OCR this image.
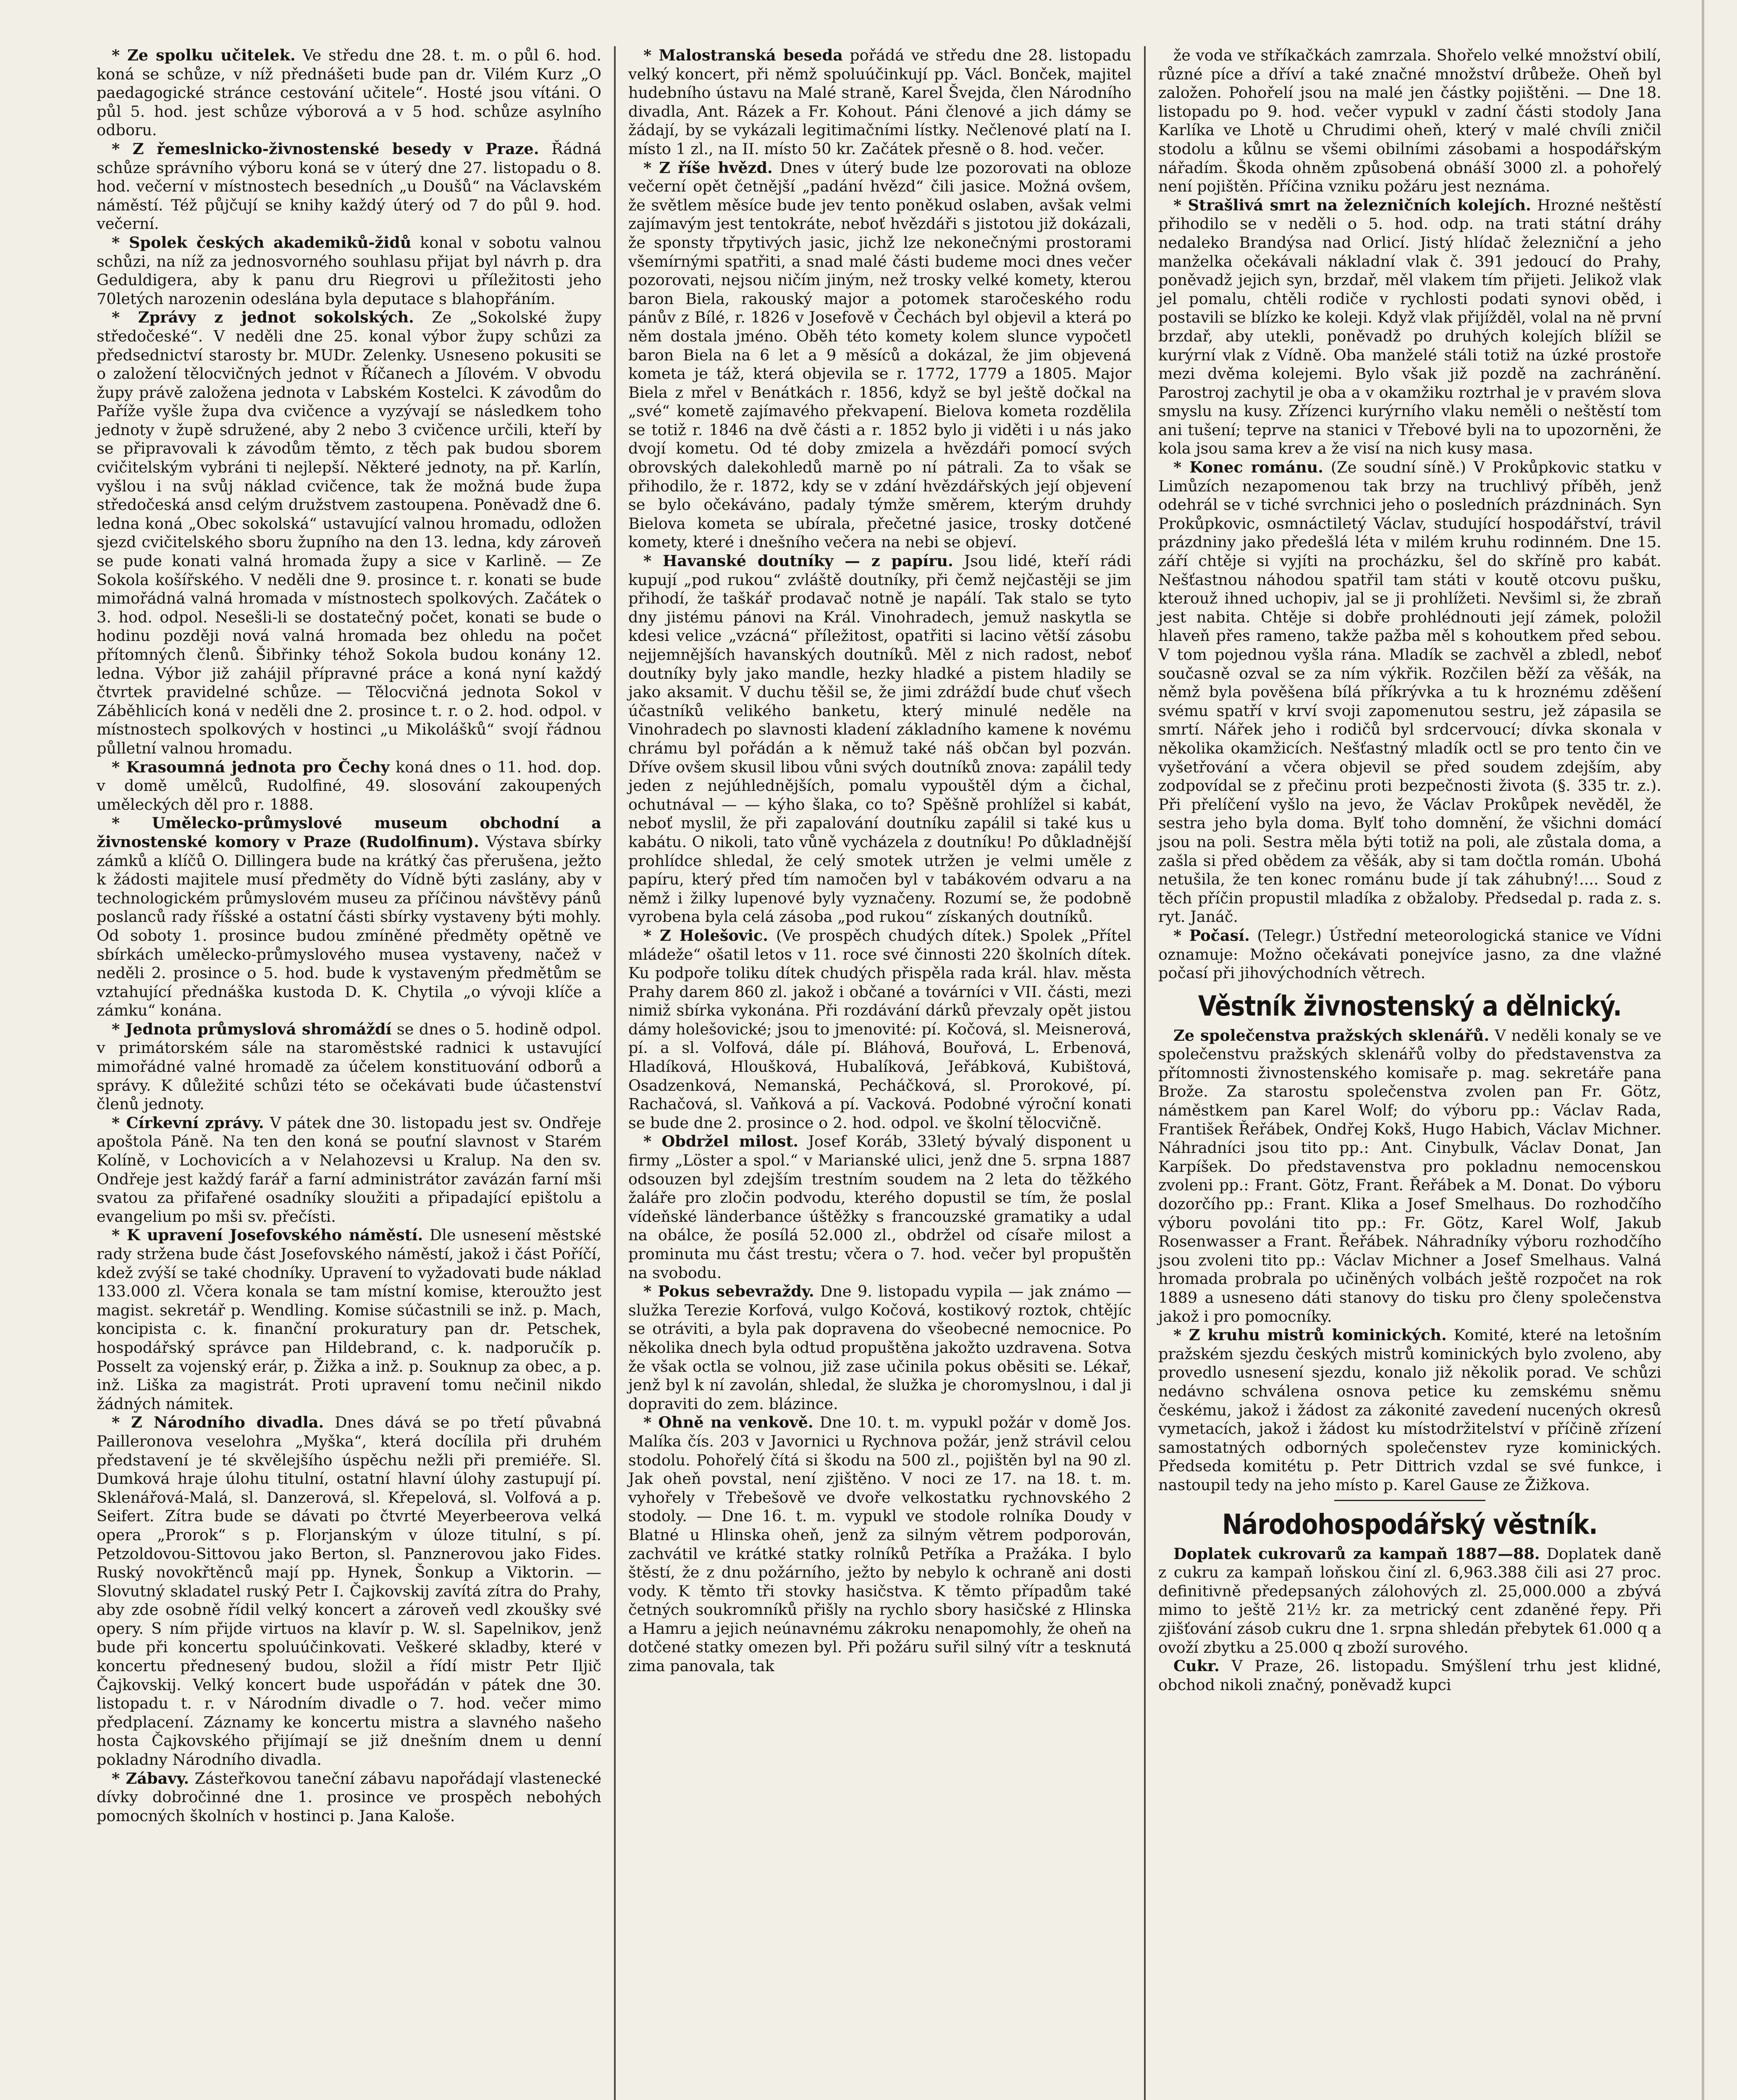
* Ze spolku učitelek. Ve středu dne 28. t. m. o půl 6. hod. koná se schůze, v níž přednášeti bude pan dr. Vilém Kurz „O paedagogické stránce cestování učitele“. Hosté jsou vítáni. O půl 5. hod. jest schůze výborová a v 5 hod. schůze asylního odboru.

* Z řemeslnicko-živnostenské besedy v Praze. Řádná schůze správního výboru koná se v úterý dne 27. listopadu o 8. hod. večerní v místnostech besedních „u Doušů“ na Václavském náměstí. Též půjčují se knihy každý úterý od 7 do půl 9. hod. večerní.

* Spolek českých akademiků-židů konal v sobotu valnou schůzi, na níž za jednosvorného souhlasu přijat byl návrh p. dra Geduldigera, aby k panu dru Riegrovi u příležitosti jeho 70letých narozenin odeslána byla deputace s blahopřáním.

* Zprávy z jednot sokolských. Ze „Sokolské župy středočeské“. V neděli dne 25. konal výbor župy schůzi za předsednictví starosty br. MUDr. Zelenky. Usneseno pokusiti se o založení tělocvičných jednot v Říčanech a Jílovém. V obvodu župy právě založena jednota v Labském Kostelci. K závodům do Paříže vyšle župa dva cvičence a vyzývají se následkem toho jednoty v župě sdružené, aby 2 nebo 3 cvičence určili, kteří by se připravovali k závodům těmto, z těch pak budou sborem cvičitelským vybráni ti nejlepší. Některé jednoty, na př. Karlín, vyšlou i na svůj náklad cvičence, tak že možná bude župa středočeská ansd celým družstvem zastoupena. Poněvadž dne 6. ledna koná „Obec sokolská“ ustavující valnou hromadu, odložen sjezd cvičitelského sboru župního na den 13. ledna, kdy zároveň se pude konati valná hromada župy a sice v Karlině. — Ze Sokola košířského. V neděli dne 9. prosince t. r. konati se bude mimořádná valná hromada v místnostech spolkových. Začátek o 3. hod. odpol. Nesešli-li se dostatečný počet, konati se bude o hodinu později nová valná hromada bez ohledu na počet přítomných členů. Šibřinky téhož Sokola budou konány 12. ledna. Výbor již zahájil přípravné práce a koná nyní každý čtvrtek pravidelné schůze. — Tělocvičná jednota Sokol v Záběhlicích koná v neděli dne 2. prosince t. r. o 2. hod. odpol. v místnostech spolkových v hostinci „u Mikolášků“ svojí řádnou půlletní valnou hromadu.

* Krasoumná jednota pro Čechy koná dnes o 11. hod. dop. v domě umělců, Rudolfiné, 49. slosování zakoupených uměleckých děl pro r. 1888.

* Umělecko-průmyslové museum obchodní a živnostenské komory v Praze (Rudolfinum). Výstava sbírky zámků a klíčů O. Dillingera bude na krátký čas přerušena, ježto k žádosti majitele musí předměty do Vídně býti zaslány, aby v technologickém průmyslovém museu za příčinou návštěvy pánů poslanců rady říšské a ostatní části sbírky vystaveny býti mohly. Od soboty 1. prosince budou zmíněné předměty opětně ve sbírkách umělecko-průmyslového musea vystaveny, načež v neděli 2. prosince o 5. hod. bude k vystaveným předmětům se vztahující přednáška kustoda D. K. Chytila „o vývoji klíče a zámku“ konána.

* Jednota průmyslová shromáždí se dnes o 5. hodině odpol. v primátorském sále na staroměstské radnici k ustavující mimořádné valné hromadě za účelem konstituování odborů a správy. K důležité schůzi této se očekávati bude účastenství členů jednoty.

* Církevní zprávy. V pátek dne 30. listopadu jest sv. Ondřeje apoštola Páně. Na ten den koná se pouťní slavnost v Starém Kolíně, v Lochovicích a v Nelahozevsi u Kralup. Na den sv. Ondřeje jest každý farář a farní administrátor zavázán farní mši svatou za přifařené osadníky sloužiti a připadající epištolu a evangelium po mši sv. přečísti.

* K upravení Josefovského náměstí. Dle usnesení městské rady stržena bude část Josefovského náměstí, jakož i část Poříčí, kdež zvýší se také chodníky. Upravení to vyžadovati bude náklad 133.000 zl. Včera konala se tam místní komise, kteroužto jest magist. sekretář p. Wendling. Komise súčastnili se inž. p. Mach, koncipista c. k. finanční prokuratury pan dr. Petschek, hospodářský správce pan Hildebrand, c. k. nadporučík p. Posselt za vojenský erár, p. Žižka a inž. p. Souknup za obec, a p. inž. Liška za magistrát. Proti upravení tomu nečinil nikdo žádných námitek.

* Z Národního divadla. Dnes dává se po třetí půvabná Pailleronova veselohra „Myška“, která docílila při druhém představení je té skvělejšího úspěchu nežli při premiéře. Sl. Dumková hraje úlohu titulní, ostatní hlavní úlohy zastupují pí. Sklenářová-Malá, sl. Danzerová, sl. Křepelová, sl. Volfová a p. Seifert. Zítra bude se dávati po čtvrté Meyerbeerova velká opera „Prorok“ s p. Florjanským v úloze titulní, s pí. Petzoldovou-Sittovou jako Berton, sl. Panznerovou jako Fides. Ruský novokřtěnců mají pp. Hynek, Šonkup a Viktorin. — Slovutný skladatel ruský Petr I. Čajkovskij zavítá zítra do Prahy, aby zde osobně řídil velký koncert a zároveň vedl zkoušky své opery. S ním přijde virtuos na klavír p. W. sl. Sapelnikov, jenž bude při koncertu spoluúčinkovati. Veškeré skladby, které v koncertu přednesený budou, složil a řídí mistr Petr Iljič Čajkovskij. Velký koncert bude uspořádán v pátek dne 30. listopadu t. r. v Národním divadle o 7. hod. večer mimo předplacení. Záznamy ke koncertu mistra a slavného našeho hosta Čajkovského přijímají se již dnešním dnem u denní pokladny Národního divadla.

* Zábavy. Zásteřkovou taneční zábavu napořádají vlastenecké dívky dobročinné dne 1. prosince ve prospěch nebohých pomocných školních v hostinci p. Jana Kaloše.

* Malostranská beseda pořádá ve středu dne 28. listopadu velký koncert, při němž spoluúčinkují pp. Václ. Bonček, majitel hudebního ústavu na Malé straně, Karel Švejda, člen Národního divadla, Ant. Rázek a Fr. Kohout. Páni členové a jich dámy se žádají, by se vykázali legitimačními lístky. Nečlenové platí na I. místo 1 zl., na II. místo 50 kr. Začátek přesně o 8. hod. večer.

* Z říše hvězd. Dnes v úterý bude lze pozorovati na obloze večerní opět četnější „padání hvězd“ čili jasice. Možná ovšem, že světlem měsíce bude jev tento poněkud oslaben, avšak velmi zajímavým jest tentokráte, neboť hvězdáři s jistotou již dokázali, že sponsty třpytivých jasic, jichž lze nekonečnými prostorami všemírnými spatřiti, a snad malé části budeme moci dnes večer pozorovati, nejsou ničím jiným, než trosky velké komety, kterou baron Biela, rakouský major a potomek staročeského rodu pánův z Bílé, r. 1826 v Josefově v Čechách byl objevil a která po něm dostala jméno. Oběh této komety kolem slunce vypočetl baron Biela na 6 let a 9 měsíců a dokázal, že jim objevená kometa je táž, která objevila se r. 1772, 1779 a 1805. Major Biela z mřel v Benátkách r. 1856, když se byl ještě dočkal na „své“ kometě zajímavého překvapení. Bielova kometa rozdělila se totiž r. 1846 na dvě části a r. 1852 bylo ji viděti i u nás jako dvojí kometu. Od té doby zmizela a hvězdáři pomocí svých obrovských dalekohledů marně po ní pátrali. Za to však se přihodilo, že r. 1872, kdy se v zdání hvězdářských její objevení se bylo očekáváno, padaly týmže směrem, kterým druhdy Bielova kometa se ubírala, přečetné jasice, trosky dotčené komety, které i dnešního večera na nebi se objeví.

* Havanské doutníky — z papíru. Jsou lidé, kteří rádi kupují „pod rukou“ zvláště doutníky, při čemž nejčastěji se jim přihodí, že taškář prodavač notně je napálí. Tak stalo se tyto dny jistému pánovi na Král. Vinohradech, jemuž naskytla se kdesi velice „vzácná“ příležitost, opatřiti si lacino větší zásobu nejjemnějších havanských doutníků. Měl z nich radost, neboť doutníky byly jako mandle, hezky hladké a pistem hladily se jako aksamit. V duchu těšil se, že jimi zdráždí bude chuť všech účastníků velikého banketu, který minulé neděle na Vinohradech po slavnosti kladení základního kamene k novému chrámu byl pořádán a k němuž také náš občan byl pozván. Dříve ovšem skusil libou vůni svých doutníků znova: zapálil tedy jeden z nejúhlednějších, pomalu vypouštěl dým a čichal, ochutnával — — kýho šlaka, co to? Spěšně prohlížel si kabát, neboť myslil, že při zapalování doutníku zapálil si také kus u kabátu. O nikoli, tato vůně vycházela z doutníku! Po důkladnější prohlídce shledal, že celý smotek utržen je velmi uměle z papíru, který před tím namočen byl v tabákovém odvaru a na němž i žilky lupenové byly vyznačeny. Rozumí se, že podobně vyrobena byla celá zásoba „pod rukou“ získaných doutníků.

* Z Holešovic. (Ve prospěch chudých dítek.) Spolek „Přítel mládeže“ ošatil letos v 11. roce své činnosti 220 školních dítek. Ku podpoře toliku dítek chudých přispěla rada král. hlav. města Prahy darem 860 zl. jakož i občané a továrníci v VII. části, mezi nimiž sbírka vykonána. Při rozdávání dárků převzaly opět jistou dámy holešovické; jsou to jmenovité: pí. Kočová, sl. Meisnerová, pí. a sl. Volfová, dále pí. Bláhová, Bouřová, L. Erbenová, Hladíková, Hloušková, Hubalíková, Jeřábková, Kubištová, Osadzenková, Nemanská, Pecháčková, sl. Prorokové, pí. Rachačová, sl. Vaňková a pí. Vacková. Podobné výroční konati se bude dne 2. prosince o 2. hod. odpol. ve školní tělocvičně.

* Obdržel milost. Josef Koráb, 33letý bývalý disponent u firmy „Löster a spol.“ v Marianské ulici, jenž dne 5. srpna 1887 odsouzen byl zdejším trestním soudem na 2 leta do těžkého žaláře pro zločin podvodu, kterého dopustil se tím, že poslal vídeňské länderbance úštěžky s francouzské gramatiky a udal na obálce, že posílá 52.000 zl., obdržel od císaře milost a prominuta mu část trestu; včera o 7. hod. večer byl propuštěn na svobodu.

* Pokus sebevraždy. Dne 9. listopadu vypila — jak známo — služka Terezie Korfová, vulgo Kočová, kostikový roztok, chtějíc se otráviti, a byla pak dopravena do všeobecné nemocnice. Po několika dnech byla odtud propuštěna jakožto uzdravena. Sotva že však octla se volnou, již zase učinila pokus oběsiti se. Lékař, jenž byl k ní zavolán, shledal, že služka je choromyslnou, i dal ji dopraviti do zem. blázince.

* Ohně na venkově. Dne 10. t. m. vypukl požár v domě Jos. Malíka čís. 203 v Javornici u Rychnova požár, jenž strávil celou stodolu. Pohořelý čítá si škodu na 500 zl., pojištěn byl na 90 zl. Jak oheň povstal, není zjištěno. V noci ze 17. na 18. t. m. vyhořely v Třebešově ve dvoře velkostatku rychnovského 2 stodoly. — Dne 16. t. m. vypukl ve stodole rolníka Doudy v Blatné u Hlinska oheň, jenž za silným větrem podporován, zachvátil ve krátké statky rolníků Petříka a Pražáka. I bylo štěstí, že z dnu požárního, ježto by nebylo k ochraně ani dosti vody. K těmto tři stovky hasičstva. K těmto případům také četných soukromníků přišly na rychlo sbory hasičské z Hlinska a Hamru a jejich neúnavnému zákroku nenapomohly, že oheň na dotčené statky omezen byl. Při požáru suřil silný vítr a tesknutá zima panovala, tak

že voda ve stříkačkách zamrzala. Shořelo velké množství obilí, různé píce a dříví a také značné množství drůbeže. Oheň byl založen. Pohořelí jsou na malé jen částky pojištěni. — Dne 18. listopadu po 9. hod. večer vypukl v zadní části stodoly Jana Karlíka ve Lhotě u Chrudimi oheň, který v malé chvíli zničil stodolu a kůlnu se všemi obilními zásobami a hospodářským nářadím. Škoda ohněm způsobená obnáší 3000 zl. a pohořelý není pojištěn. Příčina vzniku požáru jest neznáma.

* Strašlivá smrt na železničních kolejích. Hrozné neštěstí přihodilo se v neděli o 5. hod. odp. na trati státní dráhy nedaleko Brandýsa nad Orlicí. Jistý hlídač železniční a jeho manželka očekávali nákladní vlak č. 391 jedoucí do Prahy, poněvadž jejich syn, brzdař, měl vlakem tím přijeti. Jelikož vlak jel pomalu, chtěli rodiče v rychlosti podati synovi oběd, i postavili se blízko ke koleji. Když vlak přijížděl, volal na ně první brzdař, aby utekli, poněvadž po druhých kolejích blížil se kurýrní vlak z Vídně. Oba manželé stáli totiž na úzké prostoře mezi dvěma kolejemi. Bylo však již pozdě na zachránění. Parostroj zachytil je oba a v okamžiku roztrhal je v pravém slova smyslu na kusy. Zřízenci kurýrního vlaku neměli o neštěstí tom ani tušení; teprve na stanici v Třebové byli na to upozorněni, že kola jsou sama krev a že visí na nich kusy masa.

* Konec románu. (Ze soudní síně.) V Prokůpkovic statku v Limůzích nezapomenou tak brzy na truchlivý příběh, jenž odehrál se v tiché svrchnici jeho o posledních prázdninách. Syn Prokůpkovic, osmnáctiletý Václav, studující hospodářství, trávil prázdniny jako předešlá léta v milém kruhu rodinném. Dne 15. září chtěje si vyjíti na procházku, šel do skříně pro kabát. Nešťastnou náhodou spatřil tam státi v koutě otcovu pušku, kterouž ihned uchopiv, jal se ji prohlížeti. Nevšiml si, že zbraň jest nabita. Chtěje si dobře prohlédnouti její zámek, položil hlaveň přes rameno, takže pažba měl s kohoutkem před sebou. V tom pojednou vyšla rána. Mladík se zachvěl a zbledl, neboť současně ozval se za ním výkřik. Rozčilen běží za věšák, na němž byla pověšena bílá příkrývka a tu k hroznému zděšení svému spatří v krví svoji zapomenutou sestru, jež zápasila se smrtí. Nářek jeho i rodičů byl srdcervoucí; dívka skonala v několika okamžicích. Nešťastný mladík octl se pro tento čin ve vyšetřování a včera objevil se před soudem zdejším, aby zodpovídal se z přečinu proti bezpečnosti života (§. 335 tr. z.). Při přelíčení vyšlo na jevo, že Václav Prokůpek nevěděl, že sestra jeho byla doma. Bylť toho domnění, že všichni domácí jsou na poli. Sestra měla býti totiž na poli, ale zůstala doma, a zašla si před obědem za věšák, aby si tam dočtla román. Ubohá netušila, že ten konec románu bude jí tak záhubný!.... Soud z těch příčin propustil mladíka z obžaloby. Předsedal p. rada z. s. ryt. Janáč.

* Počasí. (Telegr.) Ústřední meteorologická stanice ve Vídni oznamuje: Možno očekávati ponejvíce jasno, za dne vlažné počasí při jihovýchodních větrech.

Věstník živnostenský a dělnický.

Ze společenstva pražských sklenářů. V neděli konaly se ve společenstvu pražských sklenářů volby do představenstva za přítomnosti živnostenského komisaře p. mag. sekretáře pana Brože. Za starostu společenstva zvolen pan Fr. Götz, náměstkem pan Karel Wolf; do výboru pp.: Václav Rada, František Řeřábek, Ondřej Kokš, Hugo Habich, Václav Michner. Náhradníci jsou tito pp.: Ant. Cinybulk, Václav Donat, Jan Karpíšek. Do představenstva pro pokladnu nemocenskou zvoleni pp.: Frant. Götz, Frant. Řeřábek a M. Donat. Do výboru dozorčího pp.: Frant. Klika a Josef Smelhaus. Do rozhodčího výboru povoláni tito pp.: Fr. Götz, Karel Wolf, Jakub Rosenwasser a Frant. Řeřábek. Náhradníky výboru rozhodčího jsou zvoleni tito pp.: Václav Michner a Josef Smelhaus. Valná hromada probrala po učiněných volbách ještě rozpočet na rok 1889 a usneseno dáti stanovy do tisku pro členy společenstva jakož i pro pomocníky.

* Z kruhu mistrů kominických. Komité, které na letošním pražském sjezdu českých mistrů kominických bylo zvoleno, aby provedlo usnesení sjezdu, konalo již několik porad. Ve schůzi nedávno schválena osnova petice ku zemskému sněmu českému, jakož i žádost za zákonité zavedení nucených okresů vymetacích, jakož i žádost ku místodržitelství v příčině zřízení samostatných odborných společenstev ryze kominických. Předseda komitétu p. Petr Dittrich vzdal se své funkce, i nastoupil tedy na jeho místo p. Karel Gause ze Žižkova.

Národohospodářský věstník.

Doplatek cukrovarů za kampaň 1887—88. Doplatek daně z cukru za kampaň loňskou činí zl. 6,963.388 čili asi 27 proc. definitivně předepsaných zálohových zl. 25,000.000 a zbývá mimo to ještě 21½ kr. za metrický cent zdaněné řepy. Při zjišťování zásob cukru dne 1. srpna shledán přebytek 61.000 q a ovoží zbytku a 25.000 q zboží surového.

Cukr. V Praze, 26. listopadu. Smýšlení trhu jest klidné, obchod nikoli značný, poněvadž kupci
